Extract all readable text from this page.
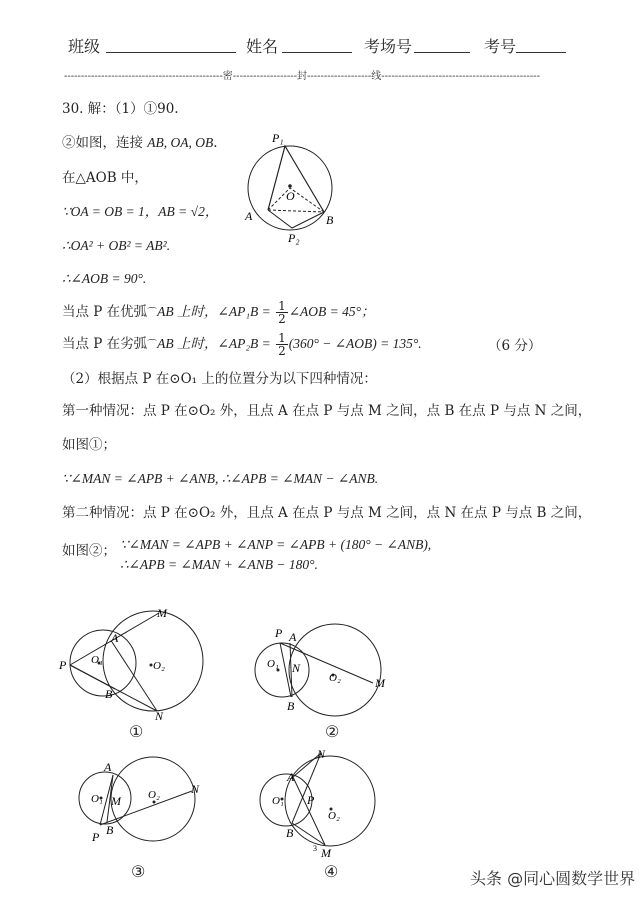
班级	姓名	考场号	考号
-----------------------------------------------密-------------------封-------------------线-----------------------------------------------
30. 解：（1）①90.
②如图，连接 AB, OA, OB.
在△AOB 中，
∵OA = OB = 1，AB = √2，
∴OA² + OB² = AB².
∴∠AOB = 90°.
当点 P 在优弧⌒AB 上时，∠AP₁B = $\frac{1}{2}$ ∠AOB = 45°；
当点 P 在劣弧⌒AB 上时，∠AP₂B = $\frac{1}{2} (360^\circ$ − ∠AOB) = 135°.	（6 分）
（2）根据点 P 在⊙O₁ 上的位置分为以下四种情况：
第一种情况：点 P 在⊙O₂ 外，且点 A 在点 P 与点 M 之间，点 B 在点 P 与点 N 之间，
如图①；
∵∠MAN = ∠APB + ∠ANB, ∴∠APB = ∠MAN − ∠ANB.
第二种情况：点 P 在⊙O₂ 外，且点 A 在点 P 与点 M 之间，点 N 在点 P 与点 B 之间，
如图②； ∵∠MAN = ∠APB + ∠ANP = ∠APB + (180° − ∠ANB),
∴∠APB = ∠MAN + ∠ANB − 180°.
P₁
O
A	B
P₂
P
A
B
M
N
O₁	O₂
①
P A
B
N
M
O₁
O₂
②
A
B
P
M
N
O₁	O₂
③
N
A
P
B
M
3
O₁
O₂
④	头条 @同心圆数学世界
